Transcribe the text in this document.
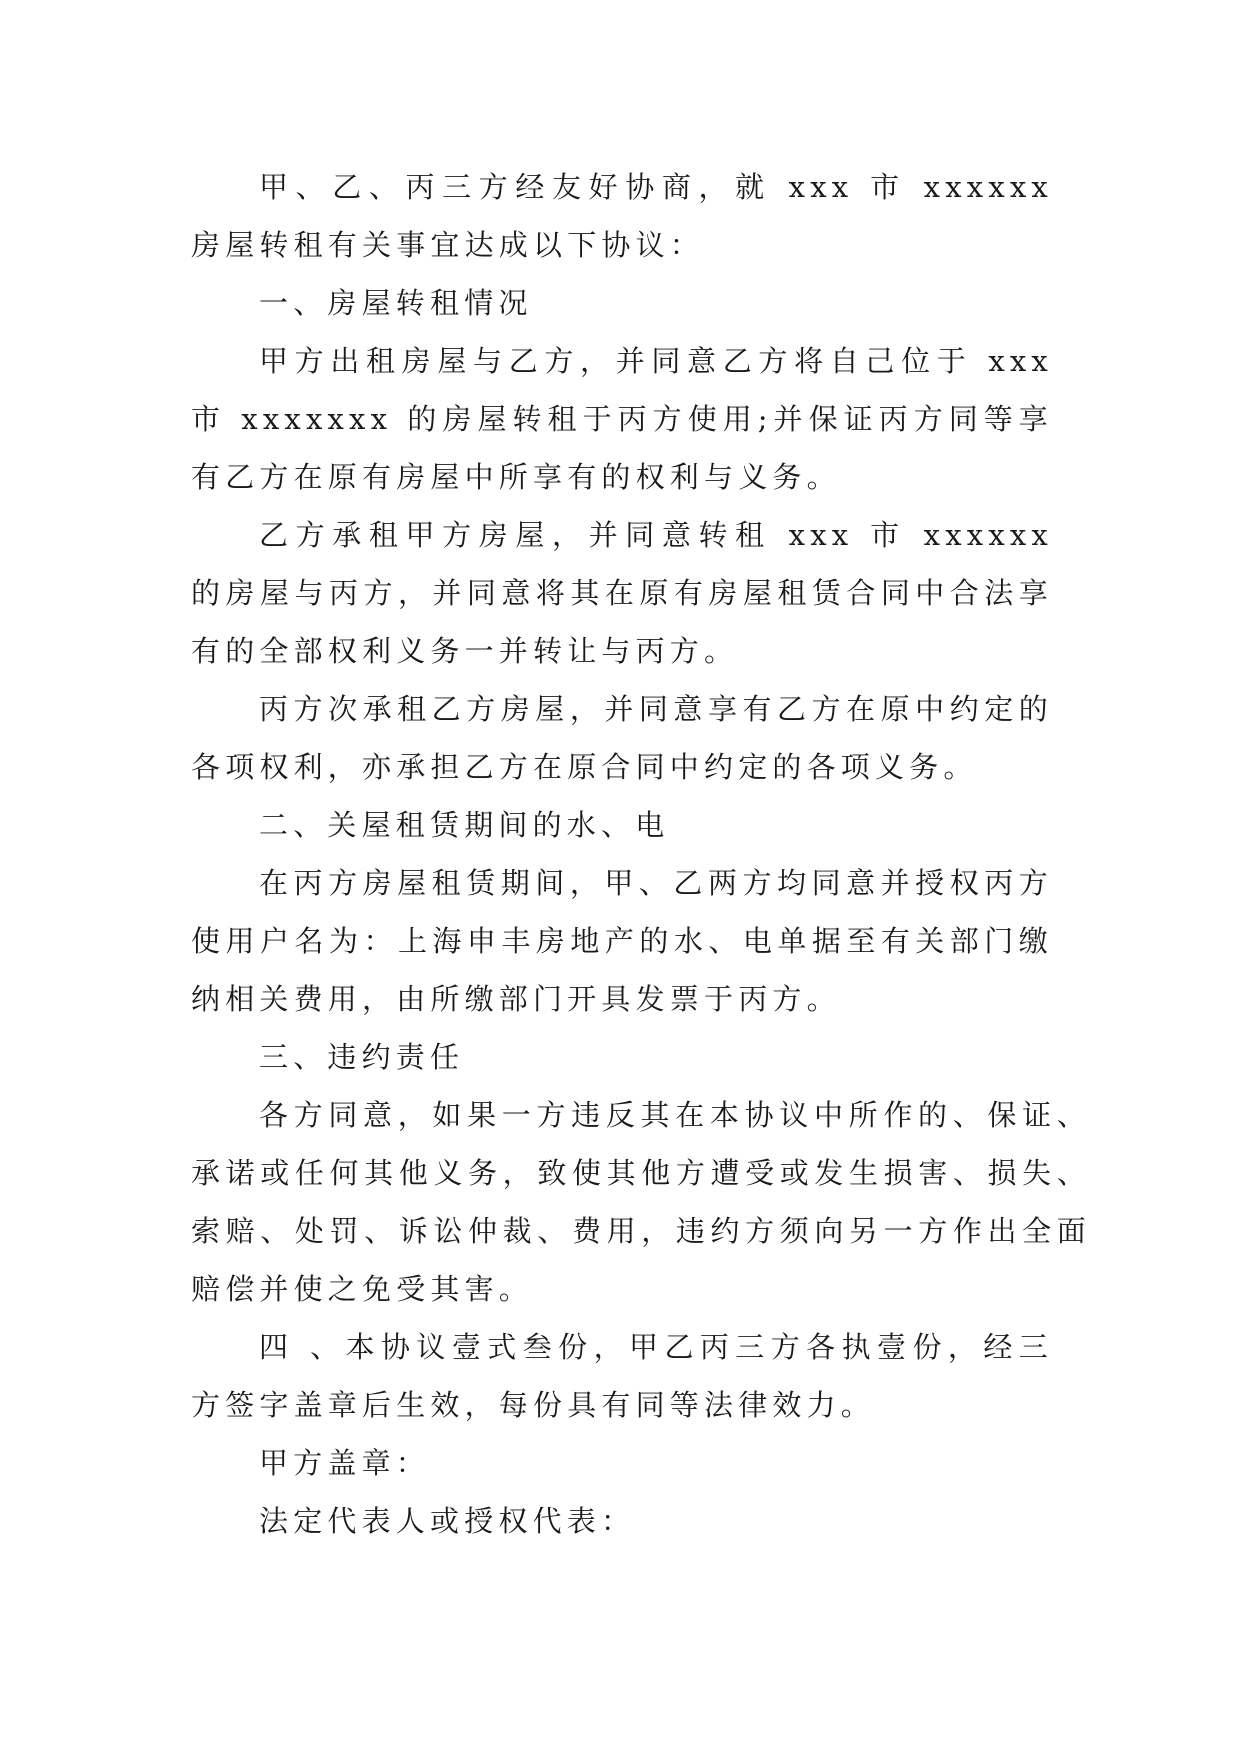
甲、乙、丙三方经友好协商，就 xxx 市 xxxxxx 房屋转租有关事宜达成以下协议：

一、房屋转租情况

甲方出租房屋与乙方，并同意乙方将自己位于 xxx 市 xxxxxxx 的房屋转租于丙方使用;并保证丙方同等享有乙方在原有房屋中所享有的权利与义务。

乙方承租甲方房屋，并同意转租 xxx 市 xxxxxx 的房屋与丙方，并同意将其在原有房屋租赁合同中合法享有的全部权利义务一并转让与丙方。

丙方次承租乙方房屋，并同意享有乙方在原中约定的各项权利，亦承担乙方在原合同中约定的各项义务。

二、关屋租赁期间的水、电

在丙方房屋租赁期间，甲、乙两方均同意并授权丙方使用户名为：上海申丰房地产的水、电单据至有关部门缴纳相关费用，由所缴部门开具发票于丙方。

三、违约责任

各方同意，如果一方违反其在本协议中所作的、保证、承诺或任何其他义务，致使其他方遭受或发生损害、损失、索赔、处罚、诉讼仲裁、费用，违约方须向另一方作出全面赔偿并使之免受其害。

四 、本协议壹式叁份，甲乙丙三方各执壹份，经三方签字盖章后生效，每份具有同等法律效力。

甲方盖章：

法定代表人或授权代表：
